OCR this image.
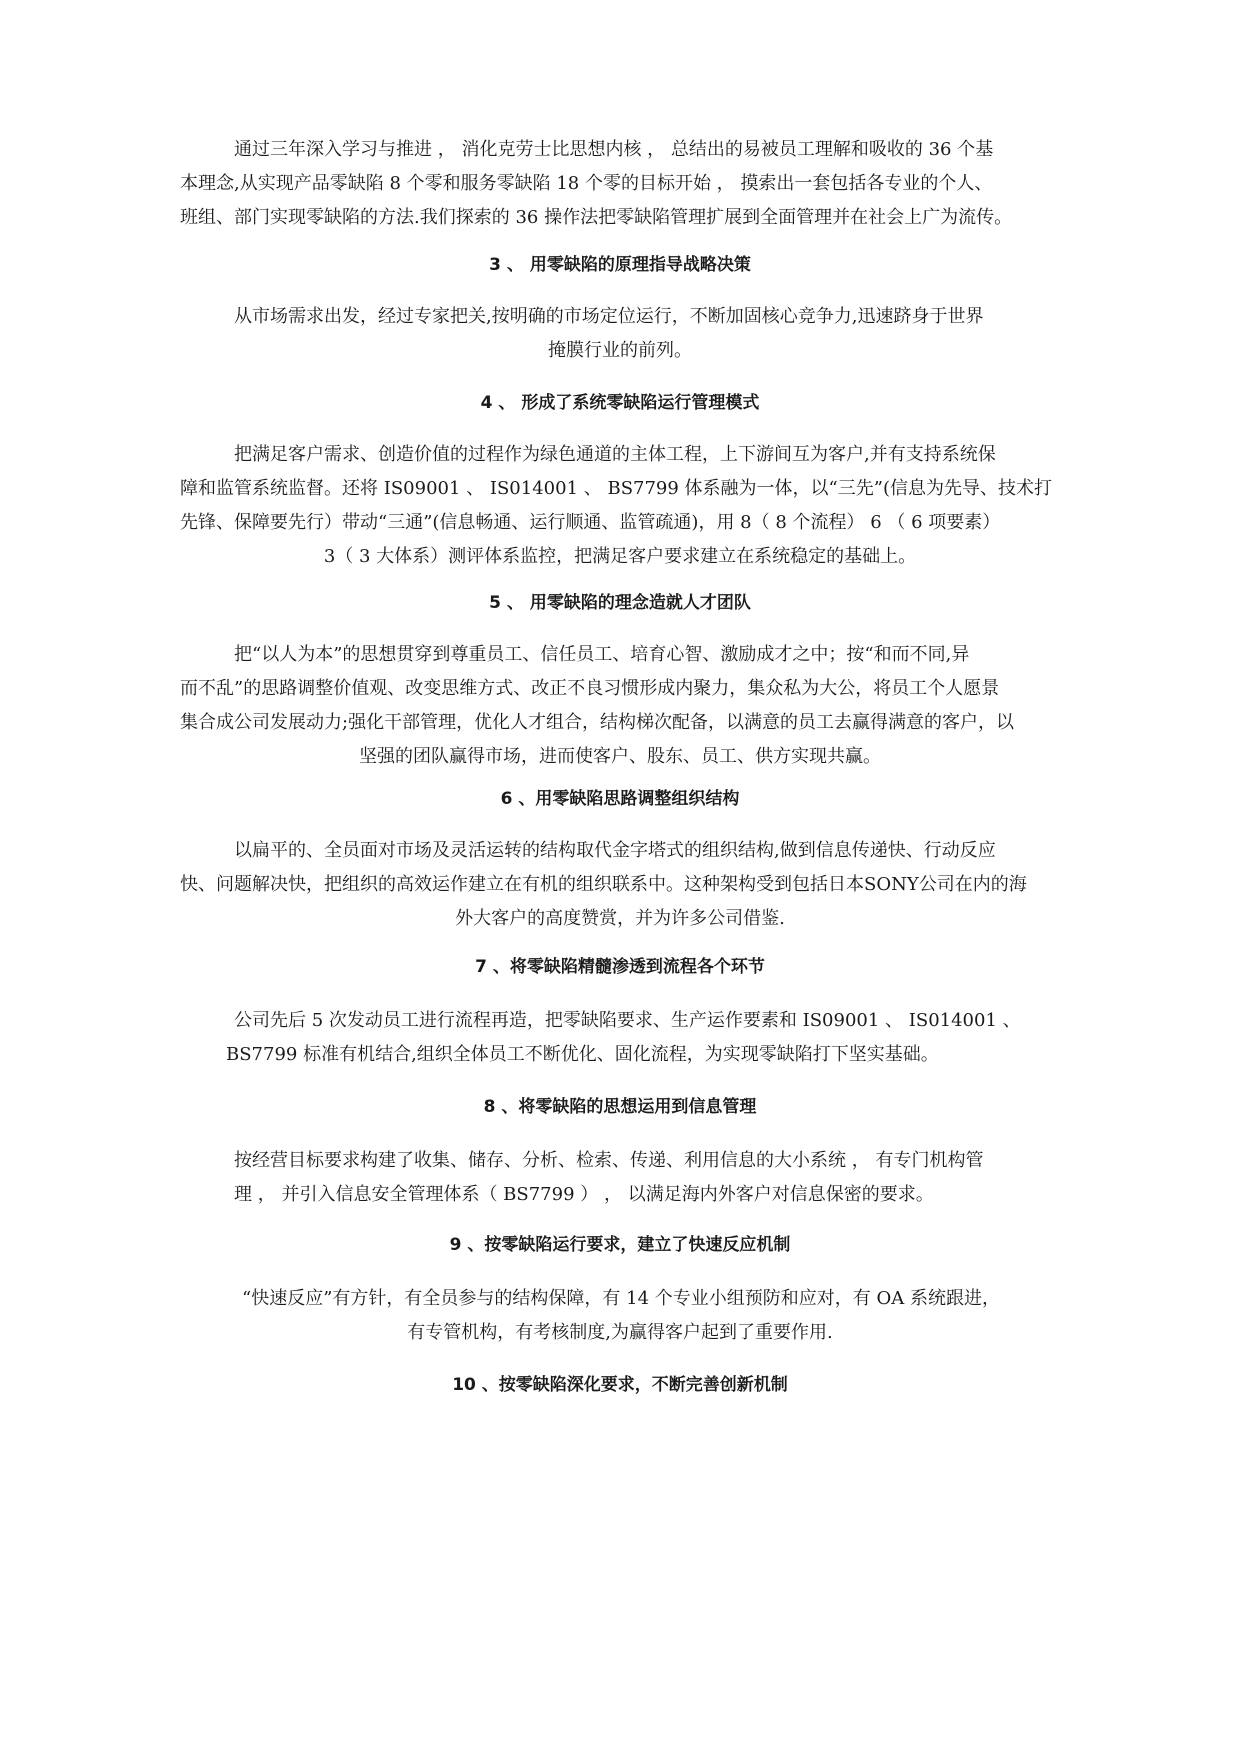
通过三年深入学习与推进 ， 消化克劳士比思想内核 ， 总结出的易被员工理解和吸收的 36 个基
本理念,从实现产品零缺陷 8 个零和服务零缺陷 18 个零的目标开始 ， 摸索出一套包括各专业的个人、
班组、部门实现零缺陷的方法.我们探索的 36 操作法把零缺陷管理扩展到全面管理并在社会上广为流传。
3 、 用零缺陷的原理指导战略决策
从市场需求出发，经过专家把关,按明确的市场定位运行，不断加固核心竞争力,迅速跻身于世界
掩膜行业的前列。
4 、 形成了系统零缺陷运行管理模式
把满足客户需求、创造价值的过程作为绿色通道的主体工程，上下游间互为客户,并有支持系统保
障和监管系统监督。还将 IS09001 、 IS014001 、 BS7799 体系融为一体，以“三先”(信息为先导、技术打
先锋、保障要先行）带动“三通”(信息畅通、运行顺通、监管疏通)，用 8（ 8 个流程） 6 （ 6 项要素）
3（ 3 大体系）测评体系监控，把满足客户要求建立在系统稳定的基础上。
5 、 用零缺陷的理念造就人才团队
把“以人为本”的思想贯穿到尊重员工、信任员工、培育心智、激励成才之中；按“和而不同,异
而不乱”的思路调整价值观、改变思维方式、改正不良习惯形成内聚力，集众私为大公，将员工个人愿景
集合成公司发展动力;强化干部管理，优化人才组合，结构梯次配备，以满意的员工去赢得满意的客户，以
坚强的团队赢得市场，进而使客户、股东、员工、供方实现共赢。
6 、用零缺陷思路调整组织结构
以扁平的、全员面对市场及灵活运转的结构取代金字塔式的组织结构,做到信息传递快、行动反应
快、问题解决快，把组织的高效运作建立在有机的组织联系中。这种架构受到包括日本SONY公司在内的海
外大客户的高度赞赏，并为许多公司借鉴.
7 、将零缺陷精髓渗透到流程各个环节
公司先后 5 次发动员工进行流程再造，把零缺陷要求、生产运作要素和 IS09001 、 IS014001 、
BS7799 标准有机结合,组织全体员工不断优化、固化流程，为实现零缺陷打下坚实基础。
8 、将零缺陷的思想运用到信息管理
按经营目标要求构建了收集、储存、分析、检索、传递、利用信息的大小系统 ， 有专门机构管
理 ， 并引入信息安全管理体系（ BS7799 ） ， 以满足海内外客户对信息保密的要求。
9 、按零缺陷运行要求，建立了快速反应机制
“快速反应”有方针，有全员参与的结构保障，有 14 个专业小组预防和应对，有 OA 系统跟进，
有专管机构，有考核制度,为赢得客户起到了重要作用.
10 、按零缺陷深化要求，不断完善创新机制
